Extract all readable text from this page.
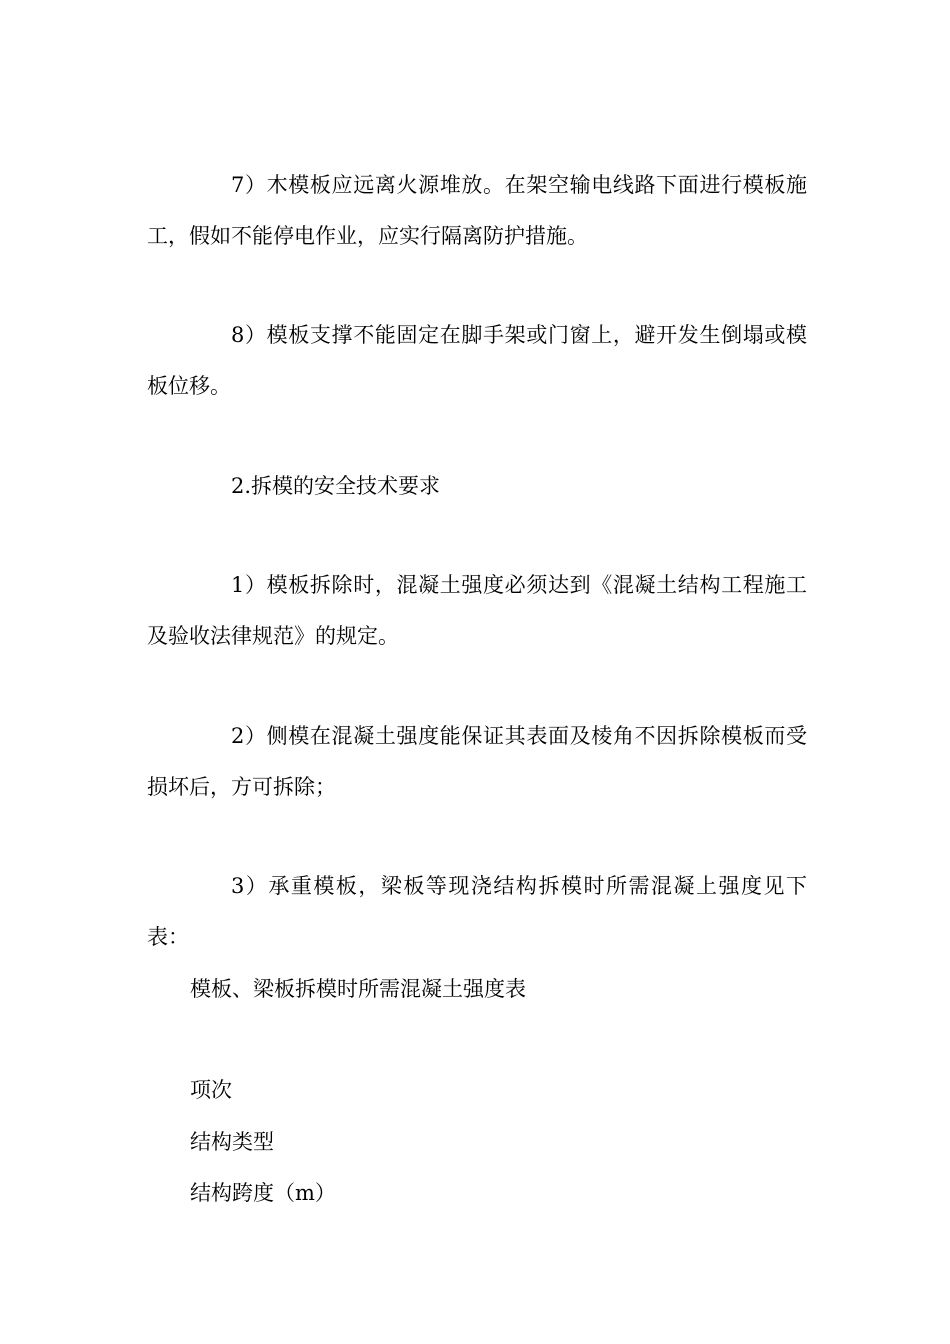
7）木模板应远离火源堆放。在架空输电线路下面进行模板施工，假如不能停电作业，应实行隔离防护措施。

8）模板支撑不能固定在脚手架或门窗上，避开发生倒塌或模板位移。

2.拆模的安全技术要求

1）模板拆除时，混凝土强度必须达到《混凝土结构工程施工及验收法律规范》的规定。

2）侧模在混凝土强度能保证其表面及棱角不因拆除模板而受损坏后，方可拆除；

3）承重模板，梁板等现浇结构拆模时所需混凝上强度见下表：

模板、梁板拆模时所需混凝土强度表

项次

结构类型

结构跨度（m）
